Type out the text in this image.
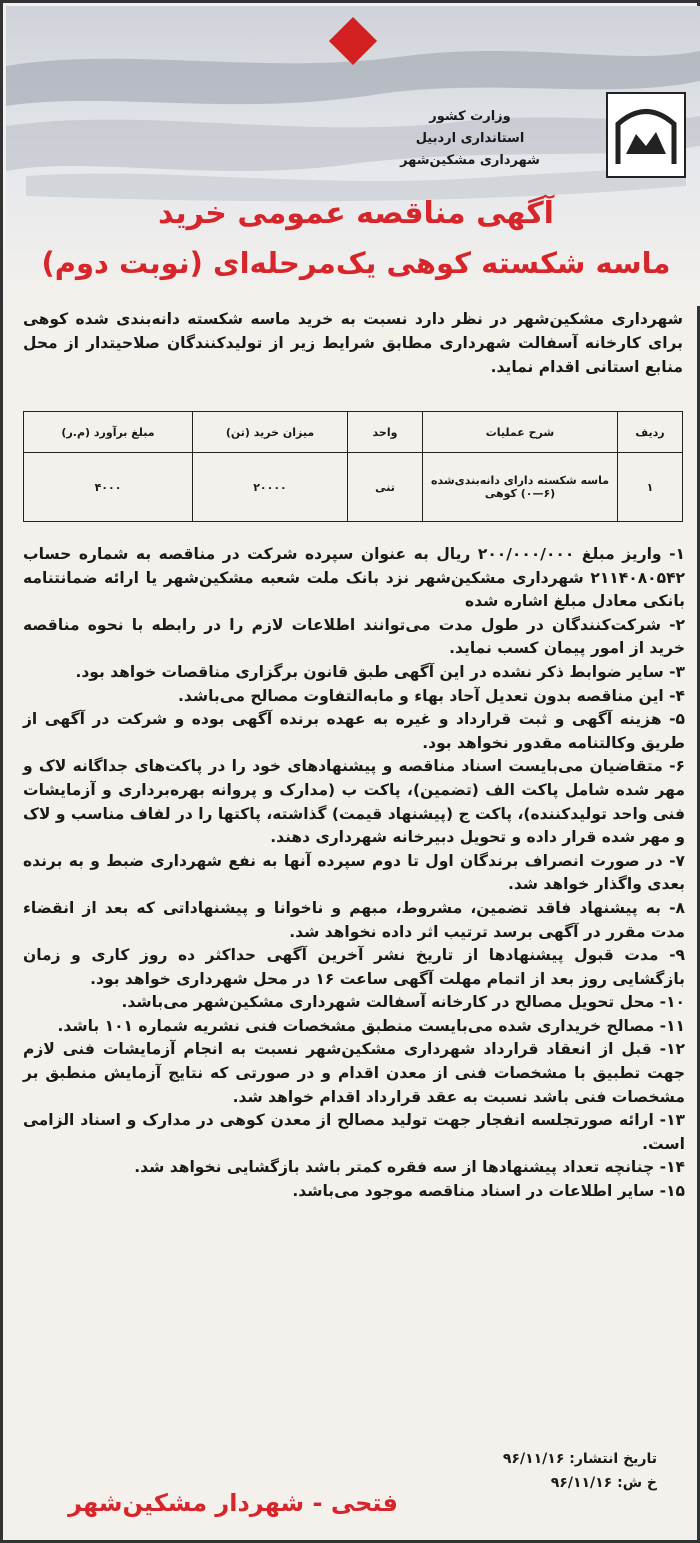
وزارت کشور
استانداری اردبیل
شهرداری مشکین‌شهر
آگهی مناقصه عمومی خرید
ماسه شکسته کوهی یک‌مرحله‌ای (نوبت دوم)
شهرداری مشکین‌شهر در نظر دارد نسبت به خرید ماسه شکسته دانه‌بندی شده کوهی برای کارخانه آسفالت شهرداری مطابق شرایط زیر از تولیدکنندگان صلاحیتدار از محل منابع استانی اقدام نماید.
ردیف	شرح عملیات	واحد	میزان خرید (تن)	مبلغ برآورد (م.ر)
۱	ماسه شکسته دارای دانه‌بندی‌شده (۶—۰) کوهی	تنی	۲۰۰۰۰	۴۰۰۰

۱- واریز مبلغ ۲۰۰/۰۰۰/۰۰۰ ریال به عنوان سپرده شرکت در مناقصه به شماره حساب ۲۱۱۴۰۸۰۵۴۲ شهرداری مشکین‌شهر نزد بانک ملت شعبه مشکین‌شهر یا ارائه ضمانتنامه بانکی معادل مبلغ اشاره شده

۲- شرکت‌کنندگان در طول مدت می‌توانند اطلاعات لازم را در رابطه با نحوه مناقصه خرید از امور پیمان کسب نماید.

۳- سایر ضوابط ذکر نشده در این آگهی طبق قانون برگزاری مناقصات خواهد بود.

۴- این مناقصه بدون تعدیل آحاد بهاء و مابه‌التفاوت مصالح می‌باشد.

۵- هزینه آگهی و ثبت قرارداد و غیره به عهده برنده آگهی بوده و شرکت در آگهی از طریق وکالتنامه مقدور نخواهد بود.

۶- متقاضیان می‌بایست اسناد مناقصه و پیشنهادهای خود را در پاکت‌های جداگانه لاک و مهر شده شامل پاکت الف (تضمین)، پاکت ب (مدارک و پروانه بهره‌برداری و آزمایشات فنی واحد تولیدکننده)، پاکت ج (پیشنهاد قیمت) گذاشته، پاکتها را در لفاف مناسب و لاک و مهر شده قرار داده و تحویل دبیرخانه شهرداری دهند.

۷- در صورت انصراف برندگان اول تا دوم سپرده آنها به نفع شهرداری ضبط و به برنده بعدی واگذار خواهد شد.

۸- به پیشنهاد فاقد تضمین، مشروط، مبهم و ناخوانا و پیشنهاداتی که بعد از انقضاء مدت مقرر در آگهی برسد ترتیب اثر داده نخواهد شد.

۹- مدت قبول پیشنهادها از تاریخ نشر آخرین آگهی حداکثر ده روز کاری و زمان بازگشایی روز بعد از اتمام مهلت آگهی ساعت ۱۶ در محل شهرداری خواهد بود.

۱۰- محل تحویل مصالح در کارخانه آسفالت شهرداری مشکین‌شهر می‌باشد.

۱۱- مصالح خریداری شده می‌بایست منطبق مشخصات فنی نشریه شماره ۱۰۱ باشد.

۱۲- قبل از انعقاد قرارداد شهرداری مشکین‌شهر نسبت به انجام آزمایشات فنی لازم جهت تطبیق با مشخصات فنی از معدن اقدام و در صورتی که نتایج آزمایش منطبق بر مشخصات فنی باشد نسبت به عقد قرارداد اقدام خواهد شد.

۱۳- ارائه صورتجلسه انفجار جهت تولید مصالح از معدن کوهی در مدارک و اسناد الزامی است.

۱۴- چنانچه تعداد پیشنهادها از سه فقره کمتر باشد بازگشایی نخواهد شد.

۱۵- سایر اطلاعات در اسناد مناقصه موجود می‌باشد.

تاریخ انتشار: ۹۶/۱۱/۱۶
خ ش: ۹۶/۱۱/۱۶
فتحی - شهردار مشکین‌شهر
